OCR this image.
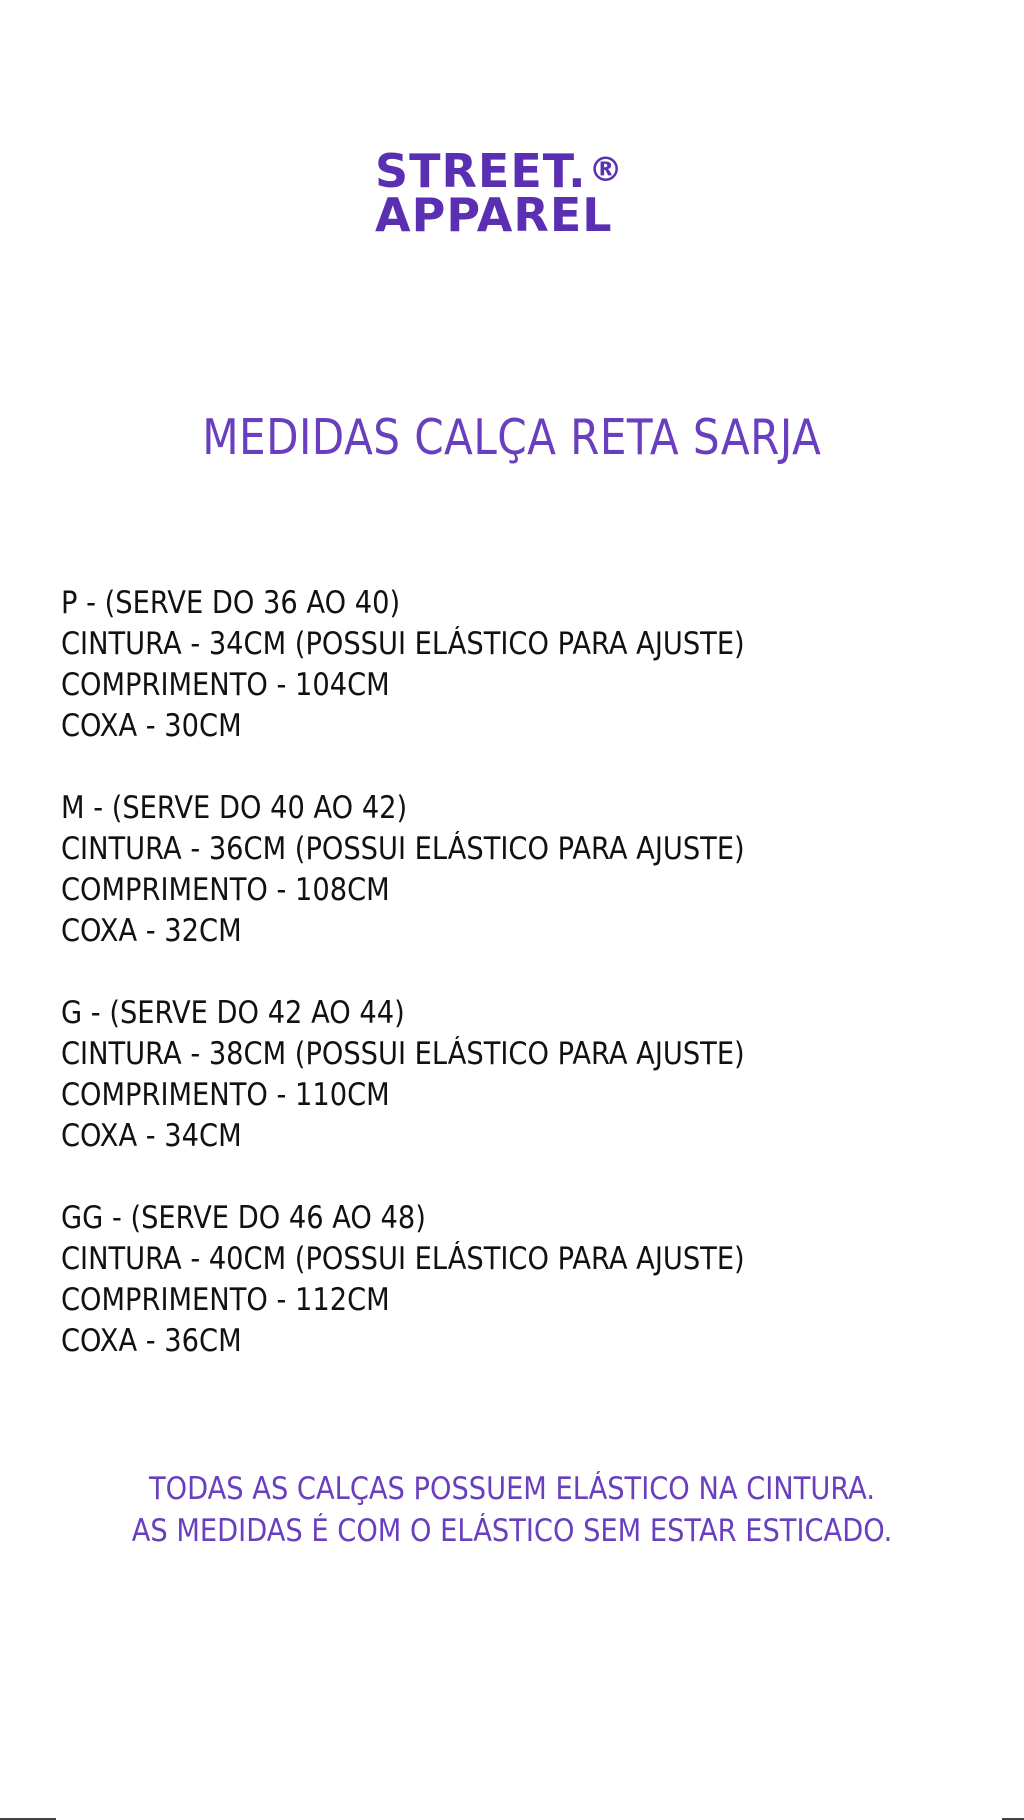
STREET.®
APPAREL
MEDIDAS CALÇA RETA SARJA
P - (SERVE DO 36 AO 40)
CINTURA - 34CM (POSSUI ELÁSTICO PARA AJUSTE)
COMPRIMENTO - 104CM
COXA - 30CM
M - (SERVE DO 40 AO 42)
CINTURA - 36CM (POSSUI ELÁSTICO PARA AJUSTE)
COMPRIMENTO - 108CM
COXA - 32CM
G - (SERVE DO 42 AO 44)
CINTURA - 38CM (POSSUI ELÁSTICO PARA AJUSTE)
COMPRIMENTO - 110CM
COXA - 34CM
GG - (SERVE DO 46 AO 48)
CINTURA - 40CM (POSSUI ELÁSTICO PARA AJUSTE)
COMPRIMENTO - 112CM
COXA - 36CM
TODAS AS CALÇAS POSSUEM ELÁSTICO NA CINTURA.
AS MEDIDAS É COM O ELÁSTICO SEM ESTAR ESTICADO.
